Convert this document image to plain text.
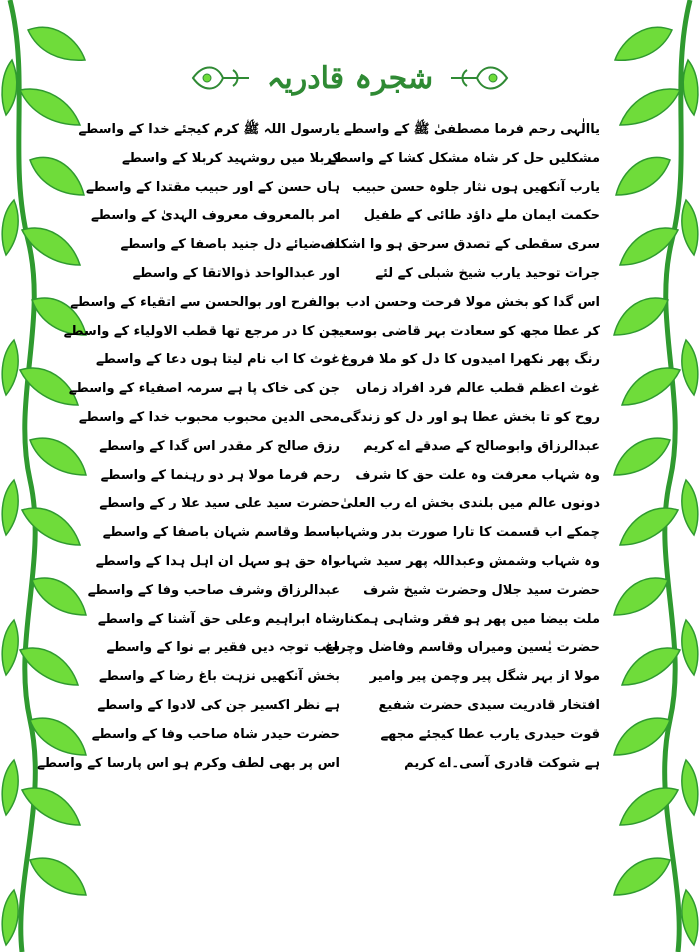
شجرہ قادریہ
یاالٰہی رحم فرما مصطفیٰ ﷺ کے واسطے
یارسول اللہ ﷺ کرم کیجئے خدا کے واسطے
مشکلیں حل کر شاہ مشکل کشا کے واسطے
کربلا میں روشہید کربلا کے واسطے
یارب آنکھیں ہوں نثار جلوہ حسن حبیب
ہاں حسن کے اور حبیب مقتدا کے واسطے
حکمت ایمان ملے داؤد طائی کے طفیل
امر بالمعروف معروف الہدیٰ کے واسطے
سری سقطی کے تصدق سرحق ہو وا اشکاف
دے ضیائے دل جنید باصفا کے واسطے
جرات توحید یارب شیخ شبلی کے لئے
اور عبدالواحد ذوالاتقا کے واسطے
اس گدا کو بخش مولا فرحت وحسن ادب
بوالفرح اور بوالحسن سے اتقیاء کے واسطے
کر عطا مجھ کو سعادت بہر قاضی بوسعید
جن کا در مرجع تھا قطب الاولیاء کے واسطے
رنگ پھر نکھرا امیدوں کا دل کو ملا فروغ
غوث کا اب نام لیتا ہوں دعا کے واسطے
غوث اعظم قطب عالم فرد افراد زماں
جن کی خاک پا ہے سرمہ اصفیاء کے واسطے
روح کو تا بخش عطا ہو اور دل کو زندگی
محی الدین محبوب محبوب خدا کے واسطے
عبدالرزاق وابوصالح کے صدقے اے کریم
رزق صالح کر مقدر اس گدا کے واسطے
وہ شہاب معرفت وہ علت حق کا شرف
رحم فرما مولا ہر دو رہنما کے واسطے
دونوں عالم میں بلندی بخش اے رب العلیٰ
حضرت سید علی سید علا ر کے واسطے
چمکے اب قسمت کا تارا صورت بدر وشہاب
باسط وقاسم شہان باصفا کے واسطے
وہ شہاب وشمش وعبداللہ پھر سید شہاب
راہ حق ہو سہل ان اہل ہدا کے واسطے
حضرت سید جلال وحضرت شیخ شرف
عبدالرزاق وشرف صاحب وفا کے واسطے
ملت بیضا میں پھر ہو فقر وشاہی ہمکنار
شاہ ابراہیم وعلی حق آشنا کے واسطے
حضرت یٰسین ومیراں وقاسم وفاضل وچراغ
سب توجہ دیں فقیر بے نوا کے واسطے
مولا از بہر شگل پیر وچمن پیر وامیر
بخش آنکھیں نزہت باغ رضا کے واسطے
افتخار قادریت سیدی حضرت شفیع
ہے نظر اکسیر جن کی لادوا کے واسطے
قوت حیدری یارب عطا کیجئے مجھے
حضرت حیدر شاہ صاحب وفا کے واسطے
ہے شوکت قادری آسی۔اے کریم
اس پر بھی لطف وکرم ہو اس پارسا کے واسطے
